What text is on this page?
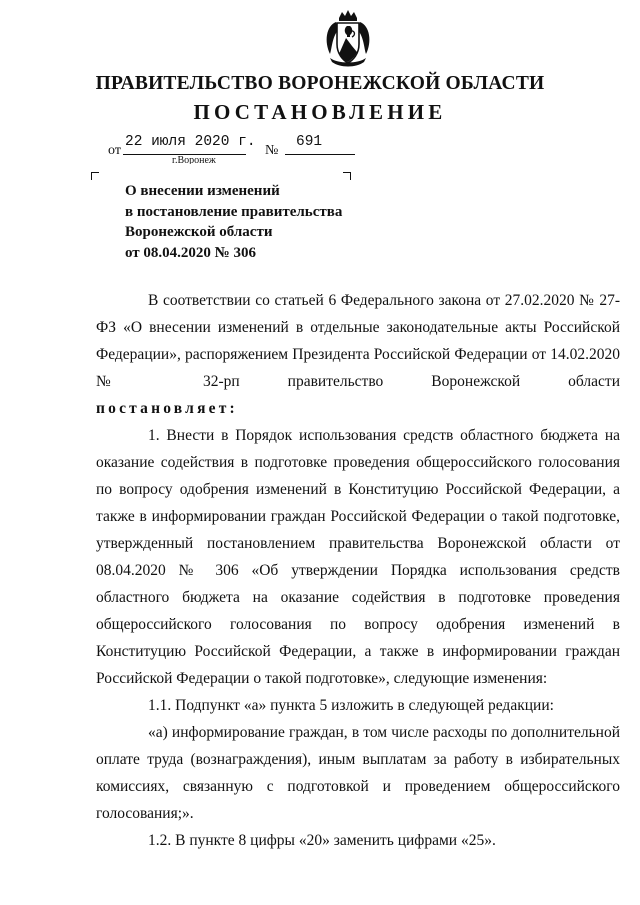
ПРАВИТЕЛЬСТВО ВОРОНЕЖСКОЙ ОБЛАСТИ
ПОСТАНОВЛЕНИЕ
от
22 июля 2020 г.
№
691
г.Воронеж
О внесении изменений
в постановление правительства
Воронежской области
от 08.04.2020 № 306

В соответствии со статьей 6 Федерального закона от 27.02.2020 № 27-ФЗ «О внесении изменений в отдельные законодательные акты Российской Федерации», распоряжением Президента Российской Федерации от 14.02.2020 № 32-рп правительство Воронежской области

постановляет:

1. Внести в Порядок использования средств областного бюджета на оказание содействия в подготовке проведения общероссийского голосования по вопросу одобрения изменений в Конституцию Российской Федерации, а также в информировании граждан Российской Федерации о такой подготовке, утвержденный постановлением правительства Воронежской области от 08.04.2020 № 306 «Об утверждении Порядка использования средств областного бюджета на оказание содействия в подготовке проведения общероссийского голосования по вопросу одобрения изменений в Конституцию Российской Федерации, а также в информировании граждан Российской Федерации о такой подготовке», следующие изменения:

1.1. Подпункт «а» пункта 5 изложить в следующей редакции:

«а) информирование граждан, в том числе расходы по дополнительной оплате труда (вознаграждения), иным выплатам за работу в избирательных комиссиях, связанную с подготовкой и проведением общероссийского голосования;».

1.2. В пункте 8 цифры «20» заменить цифрами «25».
